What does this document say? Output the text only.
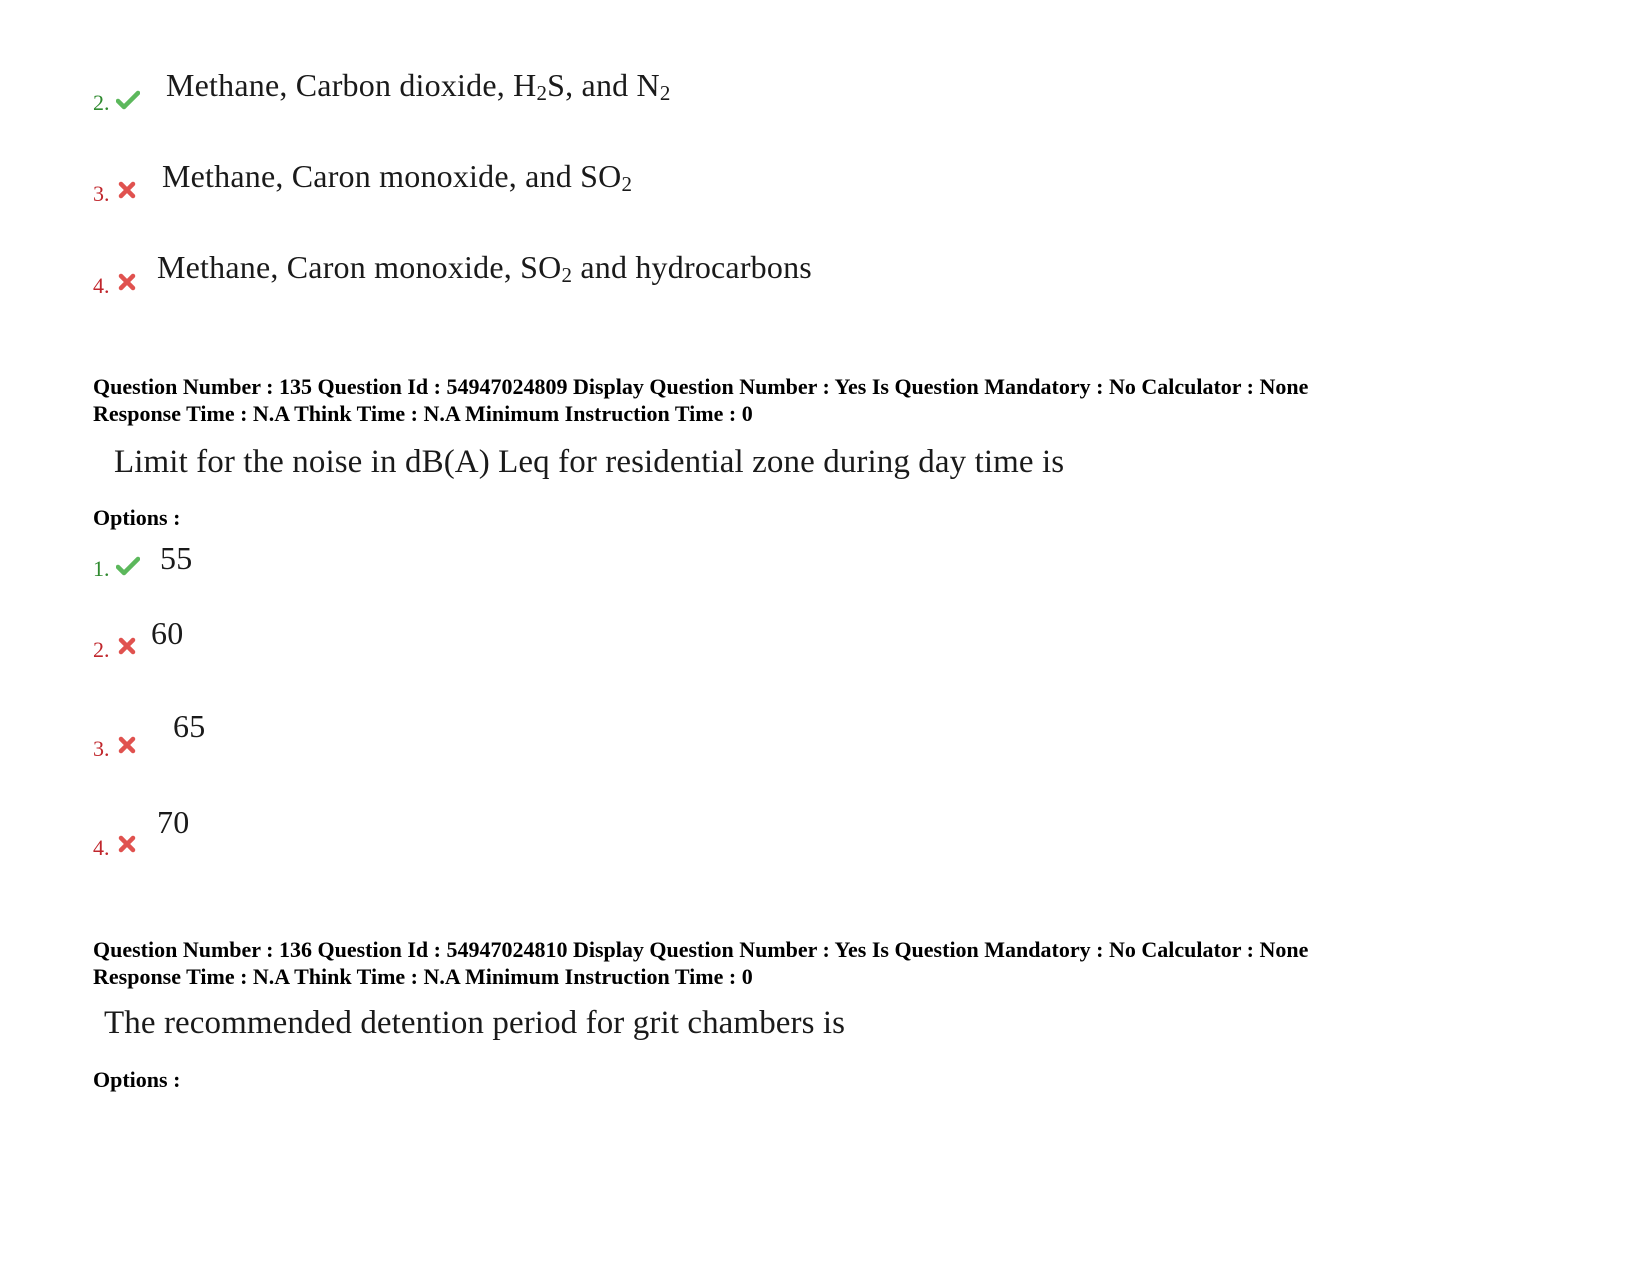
2. Methane, Carbon dioxide, $H_2S$, and $N_2$
3. Methane, Caron monoxide, and $SO_2$
4.
Methane, Caron monoxide, $SO_2$ and hydrocarbons
Question Number : 135 Question Id : 54947024809 Display Question Number : Yes Is Question Mandatory : No Calculator : None
Response Time : N.A Think Time : N.A Minimum Instruction Time : 0
Limit for the noise in dB(A) Leq for residential zone during day time is
Options :
1. 55
2. 60
3.
65
4.
70
Question Number : 136 Question Id : 54947024810 Display Question Number : Yes Is Question Mandatory : No Calculator : None
Response Time : N.A Think Time : N.A Minimum Instruction Time : 0
The recommended detention period for grit chambers is
Options :
